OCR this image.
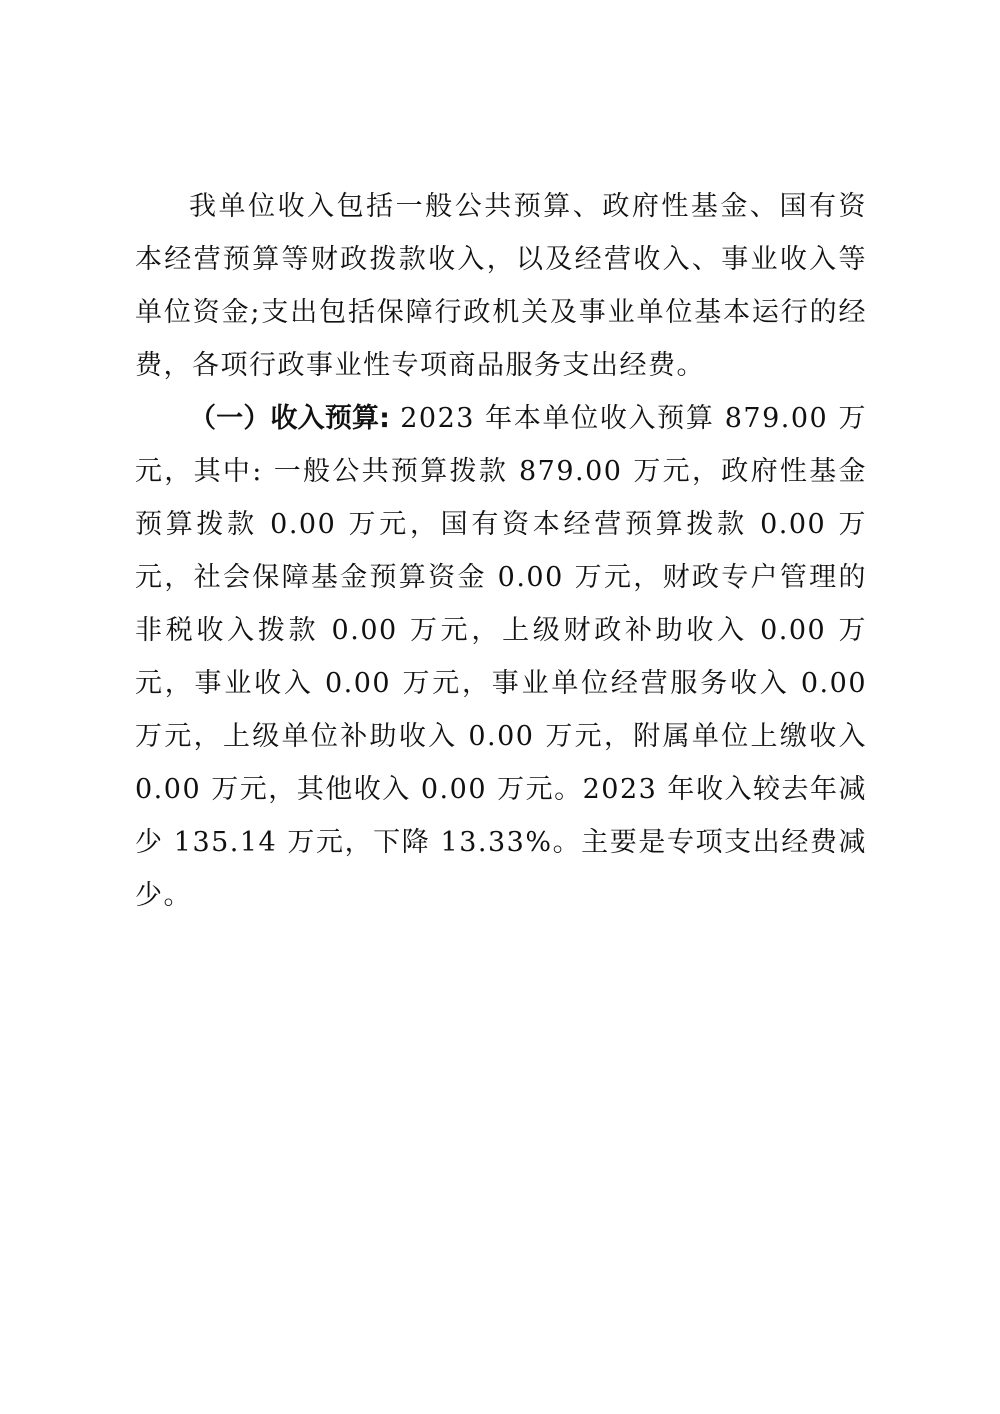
我单位收入包括一般公共预算、政府性基金、国有资本经营预算等财政拨款收入，以及经营收入、事业收入等单位资金;支出包括保障行政机关及事业单位基本运行的经费，各项行政事业性专项商品服务支出经费。

（一）收入预算: 2023 年本单位收入预算 879.00 万元，其中: 一般公共预算拨款 879.00 万元，政府性基金预算拨款 0.00 万元，国有资本经营预算拨款 0.00 万元，社会保障基金预算资金 0.00 万元，财政专户管理的非税收入拨款 0.00 万元，上级财政补助收入 0.00 万元，事业收入 0.00 万元，事业单位经营服务收入 0.00 万元，上级单位补助收入 0.00 万元，附属单位上缴收入 0.00 万元，其他收入 0.00 万元。2023 年收入较去年减少 135.14 万元，下降 13.33%。主要是专项支出经费减少。
